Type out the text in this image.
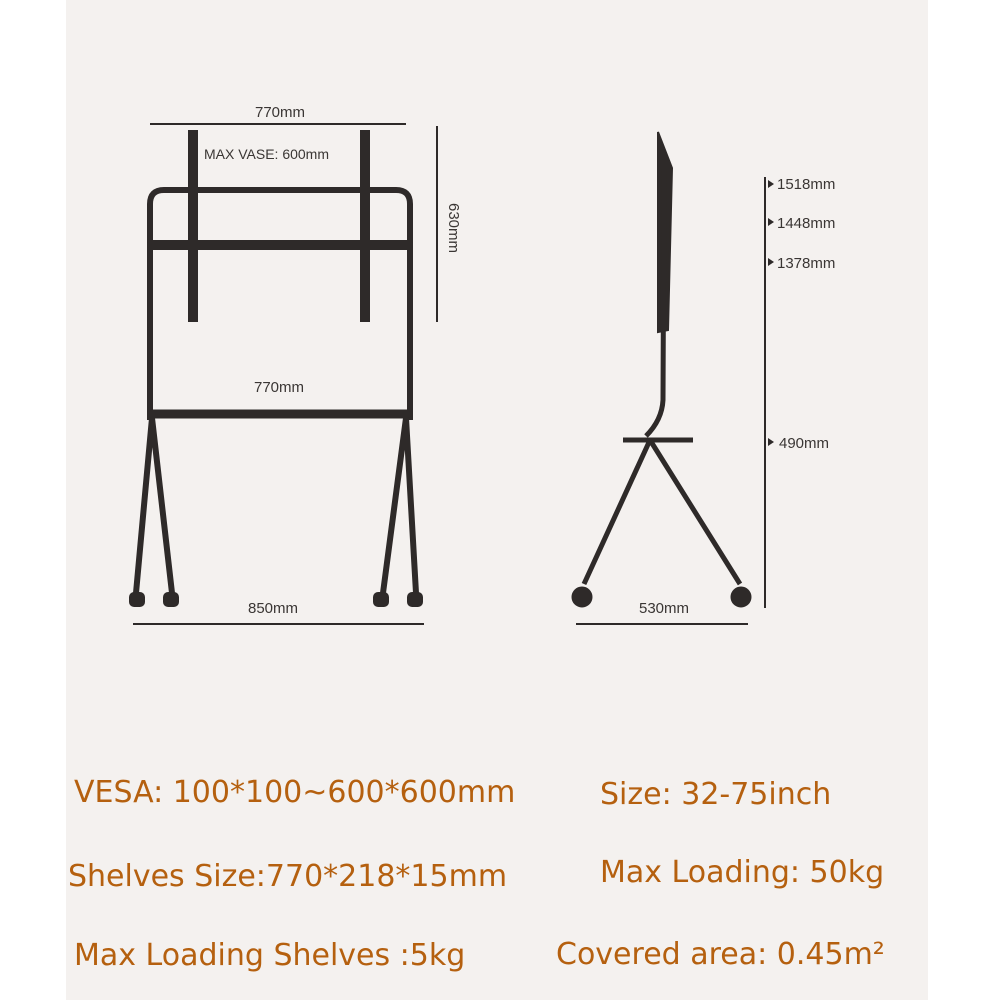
770mm
MAX VASE: 600mm
630mm
770mm
850mm
1518mm
1448mm
1378mm
490mm
530mm
VESA: 100*100~600*600mm	Size: 32-75inch
Shelves Size:770*218*15mm	Max Loading: 50kg
Max Loading Shelves :5kg	Covered area: 0.45m²
